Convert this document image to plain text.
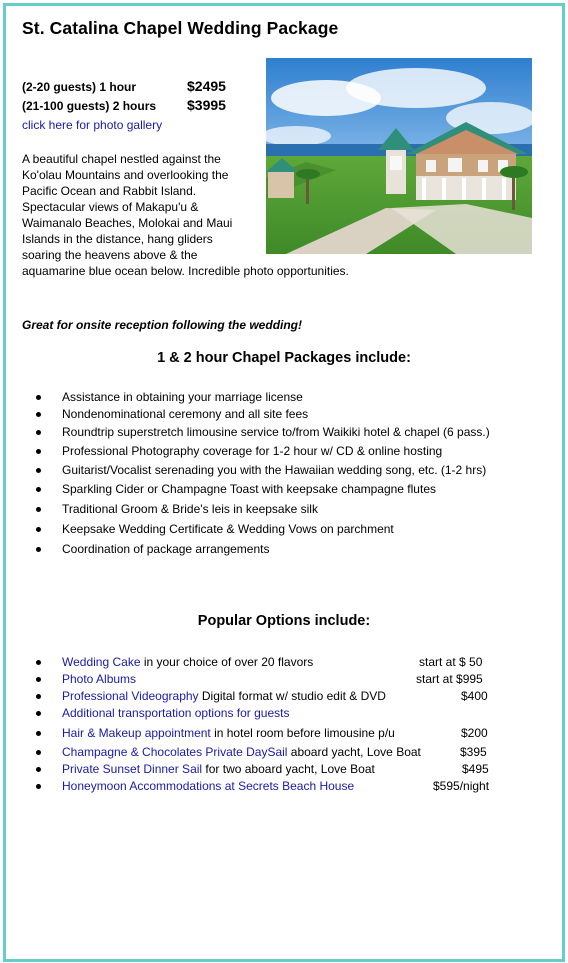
St. Catalina Chapel Wedding Package
(2-20 guests) 1 hour	$2495
(21-100 guests) 2 hours $3995
click here for photo gallery
A beautiful chapel nestled against the
Ko'olau Mountains and overlooking the
Pacific Ocean and Rabbit Island.
Spectacular views of Makapu'u &
Waimanalo Beaches, Molokai and Maui
Islands in the distance, hang gliders
soaring the heavens above & the
aquamarine blue ocean below. Incredible photo opportunities.
Great for onsite reception following the wedding!
1 & 2 hour Chapel Packages include:
Assistance in obtaining your marriage license
Nondenominational ceremony and all site fees
Roundtrip superstretch limousine service to/from Waikiki hotel & chapel (6 pass.)
Professional Photography coverage for 1-2 hour w/ CD & online hosting
Guitarist/Vocalist serenading you with the Hawaiian wedding song, etc. (1-2 hrs)
Sparkling Cider or Champagne Toast with keepsake champagne flutes
Traditional Groom & Bride's leis in keepsake silk
Keepsake Wedding Certificate & Wedding Vows on parchment
Coordination of package arrangements
Popular Options include:
Wedding Cake in your choice of over 20 flavors	start at $ 50
Photo Albums	start at $995
Professional Videography Digital format w/ studio edit & DVD	$400
Additional transportation options for guests
Hair & Makeup appointment in hotel room before limousine p/u	$200
Champagne & Chocolates Private DaySail aboard yacht, Love Boat	$395
Private Sunset Dinner Sail for two aboard yacht, Love Boat	$495
Honeymoon Accommodations at Secrets Beach House	$595/night
